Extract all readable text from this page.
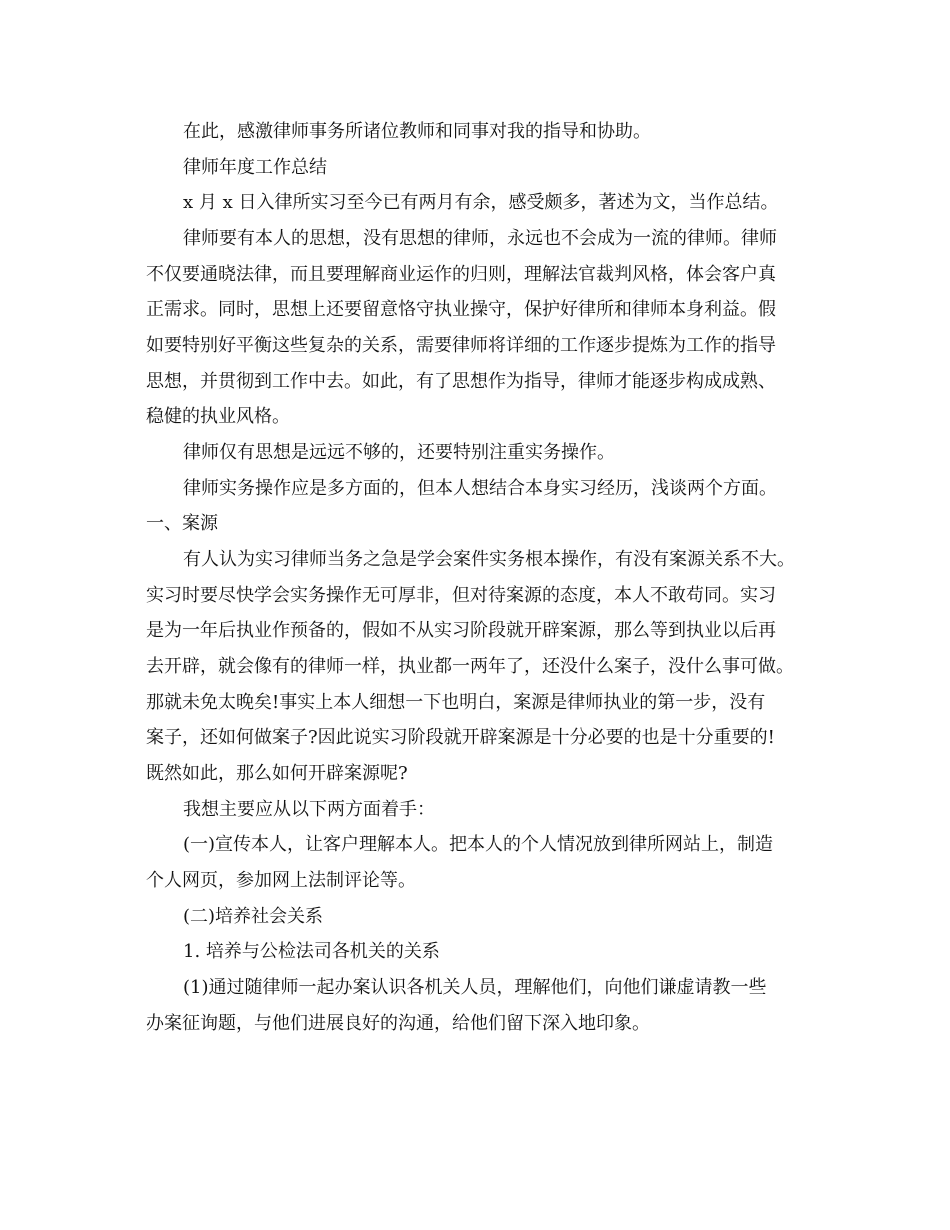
在此，感激律师事务所诸位教师和同事对我的指导和协助。
律师年度工作总结
x 月 x 日入律所实习至今已有两月有余，感受颇多，著述为文，当作总结。
律师要有本人的思想，没有思想的律师，永远也不会成为一流的律师。律师
不仅要通晓法律，而且要理解商业运作的归则，理解法官裁判风格，体会客户真
正需求。同时，思想上还要留意恪守执业操守，保护好律所和律师本身利益。假
如要特别好平衡这些复杂的关系，需要律师将详细的工作逐步提炼为工作的指导
思想，并贯彻到工作中去。如此，有了思想作为指导，律师才能逐步构成成熟、
稳健的执业风格。
律师仅有思想是远远不够的，还要特别注重实务操作。
律师实务操作应是多方面的，但本人想结合本身实习经历，浅谈两个方面。
一、案源
有人认为实习律师当务之急是学会案件实务根本操作，有没有案源关系不大。
实习时要尽快学会实务操作无可厚非，但对待案源的态度，本人不敢苟同。实习
是为一年后执业作预备的，假如不从实习阶段就开辟案源，那么等到执业以后再
去开辟，就会像有的律师一样，执业都一两年了，还没什么案子，没什么事可做。
那就未免太晚矣!事实上本人细想一下也明白，案源是律师执业的第一步，没有
案子，还如何做案子?因此说实习阶段就开辟案源是十分必要的也是十分重要的!
既然如此，那么如何开辟案源呢?
我想主要应从以下两方面着手：
(一)宣传本人，让客户理解本人。把本人的个人情况放到律所网站上，制造
个人网页，参加网上法制评论等。
(二)培养社会关系
1. 培养与公检法司各机关的关系
(1)通过随律师一起办案认识各机关人员，理解他们，向他们谦虚请教一些
办案征询题，与他们进展良好的沟通，给他们留下深入地印象。
